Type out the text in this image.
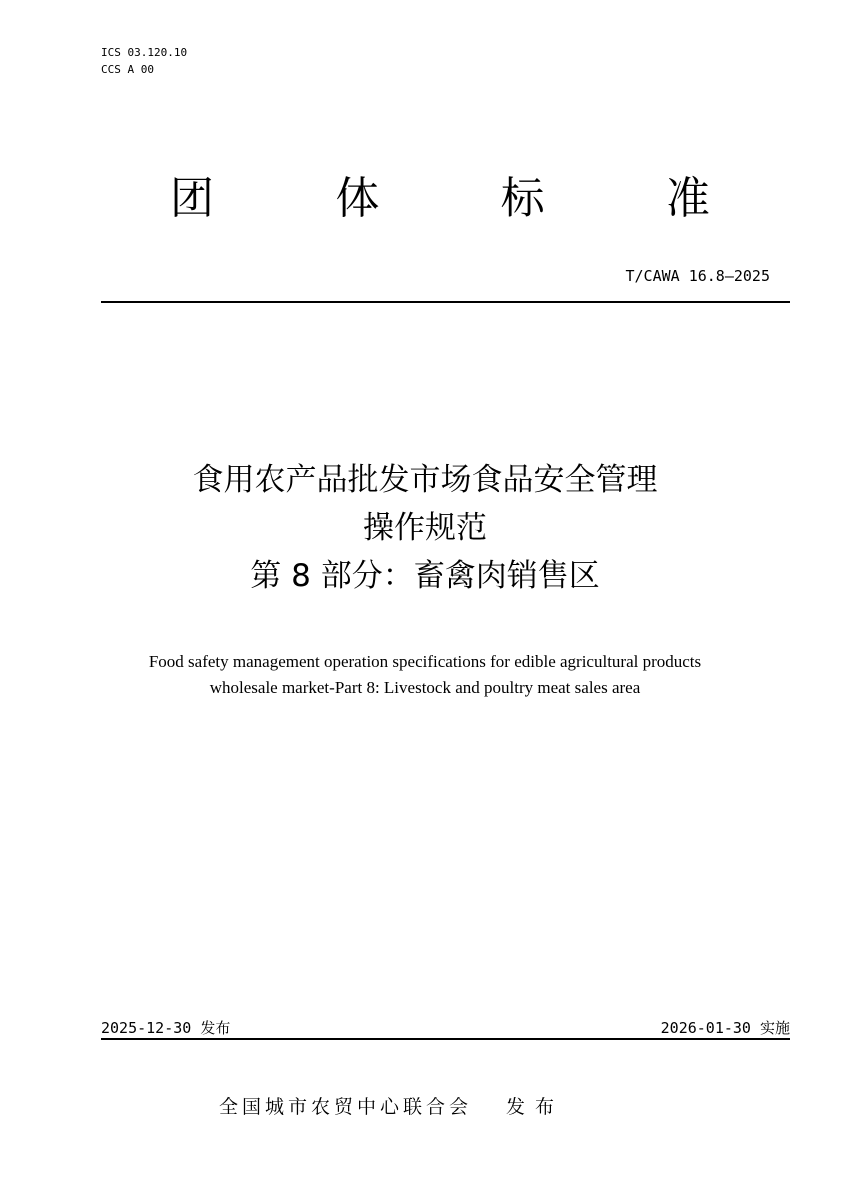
ICS 03.120.10
CCS A 00
团	体	标	准
T/CAWA 16.8—2025
食用农产品批发市场食品安全管理
操作规范
第 8 部分：畜禽肉销售区
Food safety management operation specifications for edible agricultural products
wholesale market-Part 8: Livestock and poultry meat sales area
2025-12-30 发布	2026-01-30 实施
全国城市农贸中心联合会 发布
